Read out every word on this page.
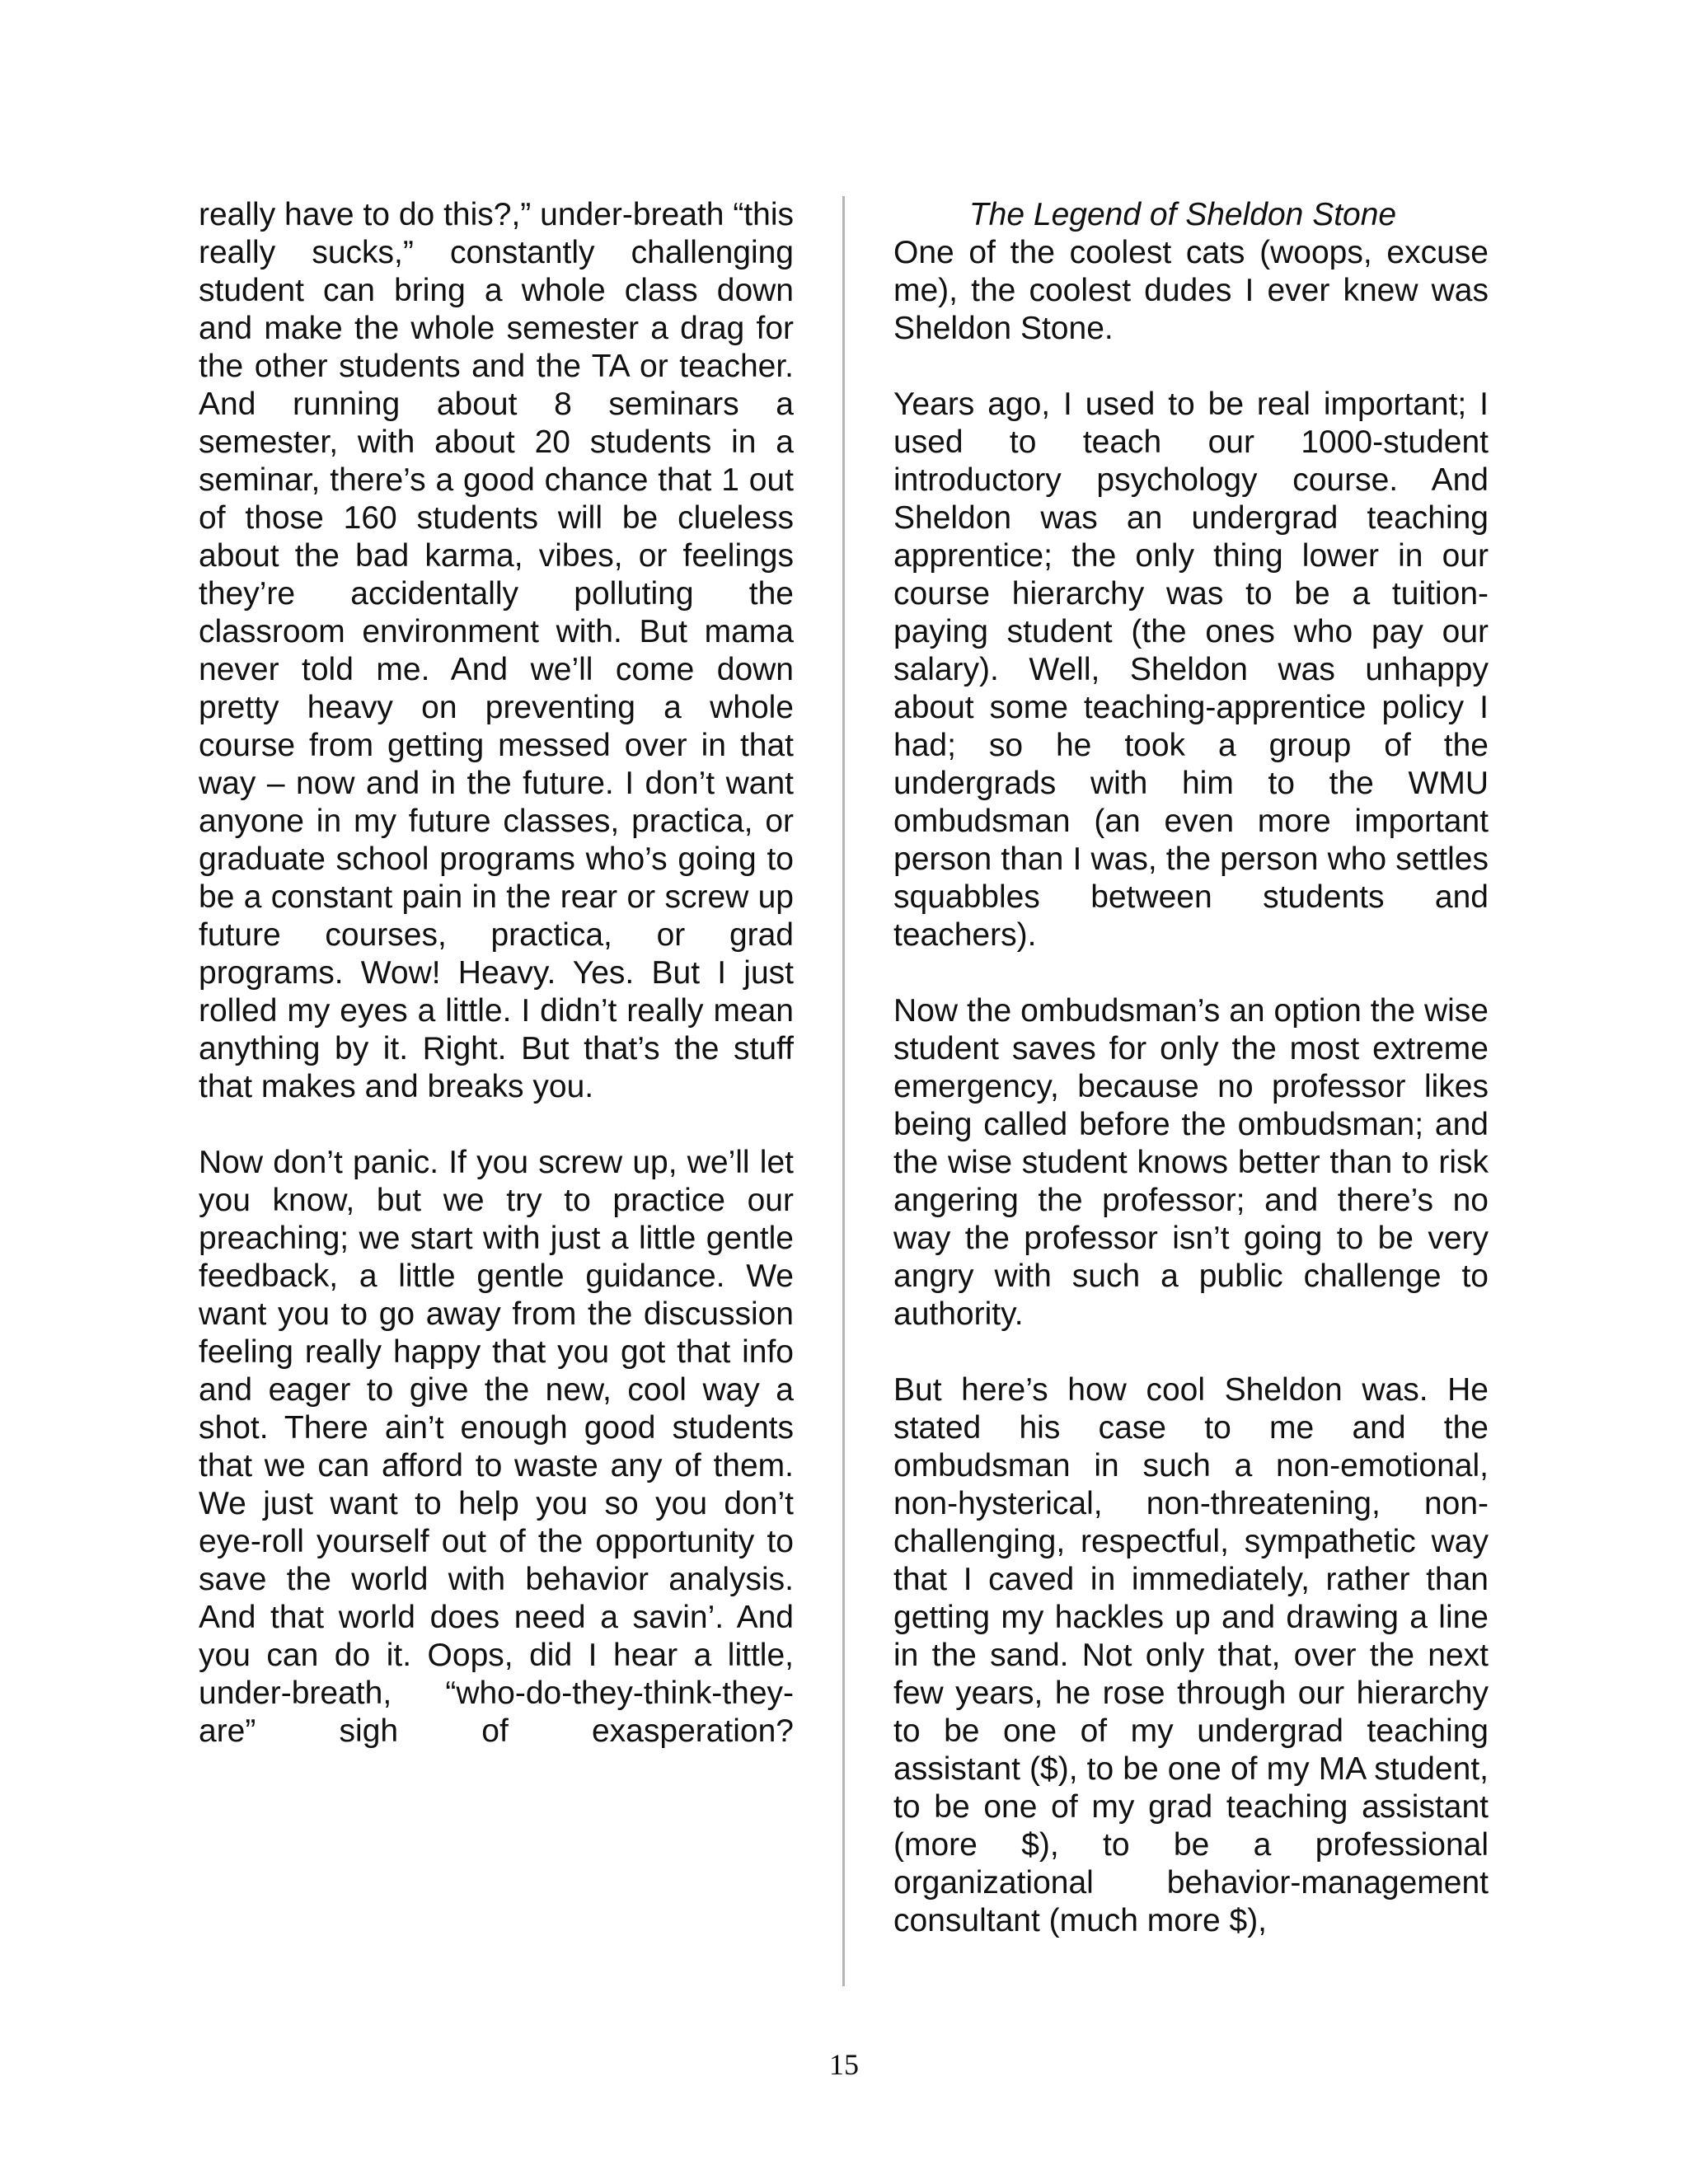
really have to do this?,” under-breath “this really sucks,” constantly challenging student can bring a whole class down and make the whole semester a drag for the other students and the TA or teacher. And running about 8 seminars a semester, with about 20 students in a seminar, there’s a good chance that 1 out of those 160 students will be clueless about the bad karma, vibes, or feelings they’re accidentally polluting the classroom environment with. But mama never told me. And we’ll come down pretty heavy on preventing a whole course from getting messed over in that way – now and in the future. I don’t want anyone in my future classes, practica, or graduate school programs who’s going to be a constant pain in the rear or screw up future courses, practica, or grad programs. Wow! Heavy. Yes. But I just rolled my eyes a little. I didn’t really mean anything by it. Right. But that’s the stuff that makes and breaks you.

Now don’t panic. If you screw up, we’ll let you know, but we try to practice our preaching; we start with just a little gentle feedback, a little gentle guidance. We want you to go away from the discussion feeling really happy that you got that info and eager to give the new, cool way a shot. There ain’t enough good students that we can afford to waste any of them. We just want to help you so you don’t eye-roll yourself out of the opportunity to save the world with behavior analysis. And that world does need a savin’. And you can do it. Oops, did I hear a little, under-breath, “who-do-they-think-they-are” sigh of exasperation?

The Legend of Sheldon Stone

One of the coolest cats (woops, excuse me), the coolest dudes I ever knew was Sheldon Stone.

Years ago, I used to be real important; I used to teach our 1000-student introductory psychology course. And Sheldon was an undergrad teaching apprentice; the only thing lower in our course hierarchy was to be a tuition-paying student (the ones who pay our salary). Well, Sheldon was unhappy about some teaching-apprentice policy I had; so he took a group of the undergrads with him to the WMU ombudsman (an even more important person than I was, the person who settles squabbles between students and teachers).

Now the ombudsman’s an option the wise student saves for only the most extreme emergency, because no professor likes being called before the ombudsman; and the wise student knows better than to risk angering the professor; and there’s no way the professor isn’t going to be very angry with such a public challenge to authority.

But here’s how cool Sheldon was. He stated his case to me and the ombudsman in such a non-emotional, non-hysterical, non-threatening, non-challenging, respectful, sympathetic way that I caved in immediately, rather than getting my hackles up and drawing a line in the sand. Not only that, over the next few years, he rose through our hierarchy to be one of my undergrad teaching assistant ($), to be one of my MA student, to be one of my grad teaching assistant (more $), to be a professional organizational behavior-management consultant (much more $),

15
